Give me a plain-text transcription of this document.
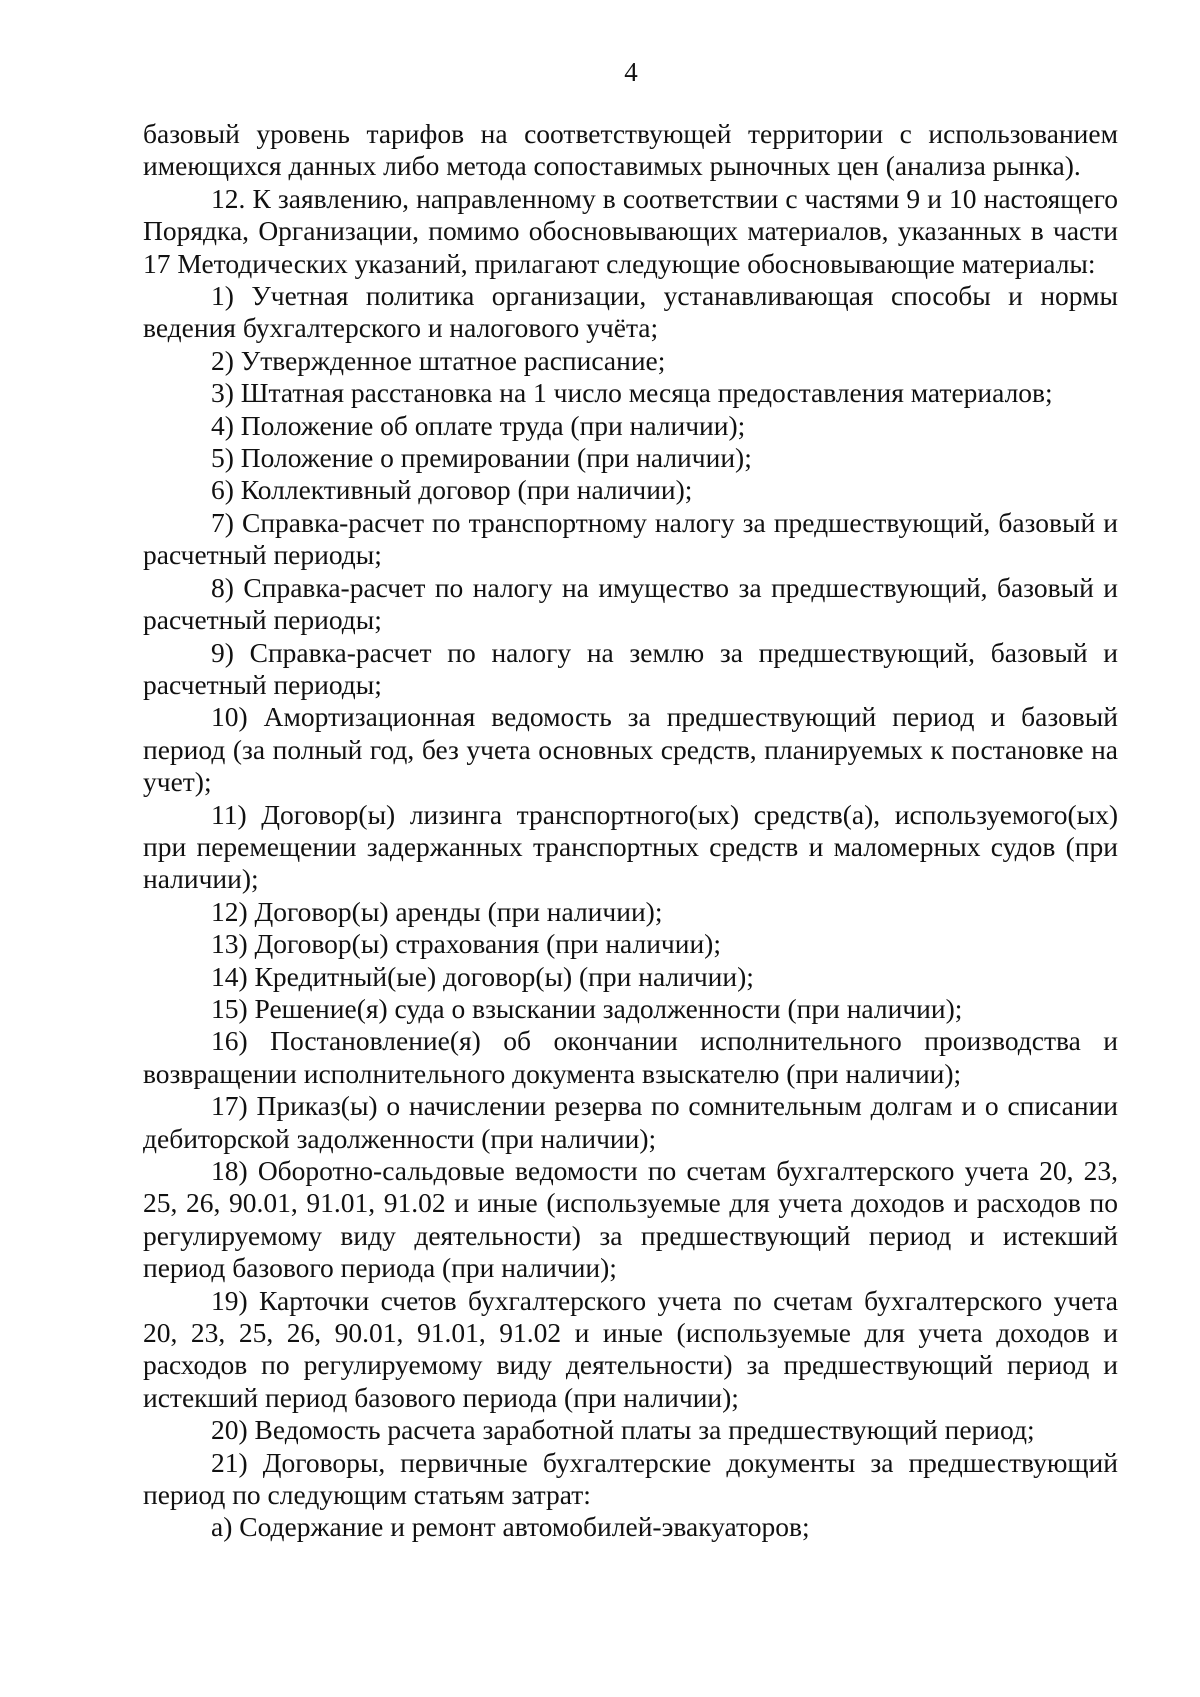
4

базовый уровень тарифов на соответствующей территории с использованием имеющихся данных либо метода сопоставимых рыночных цен (анализа рынка).

12. К заявлению, направленному в соответствии с частями 9 и 10 настоящего Порядка, Организации, помимо обосновывающих материалов, указанных в части 17 Методических указаний, прилагают следующие обосновывающие материалы:

1) Учетная политика организации, устанавливающая способы и нормы ведения бухгалтерского и налогового учёта;

2) Утвержденное штатное расписание;

3) Штатная расстановка на 1 число месяца предоставления материалов;

4) Положение об оплате труда (при наличии);

5) Положение о премировании (при наличии);

6) Коллективный договор (при наличии);

7) Справка-расчет по транспортному налогу за предшествующий, базовый и расчетный периоды;

8) Справка-расчет по налогу на имущество за предшествующий, базовый и расчетный периоды;

9) Справка-расчет по налогу на землю за предшествующий, базовый и расчетный периоды;

10) Амортизационная ведомость за предшествующий период и базовый период (за полный год, без учета основных средств, планируемых к постановке на учет);

11) Договор(ы) лизинга транспортного(ых) средств(а), используемого(ых) при перемещении задержанных транспортных средств и маломерных судов (при наличии);

12) Договор(ы) аренды (при наличии);

13) Договор(ы) страхования (при наличии);

14) Кредитный(ые) договор(ы) (при наличии);

15) Решение(я) суда о взыскании задолженности (при наличии);

16) Постановление(я) об окончании исполнительного производства и возвращении исполнительного документа взыскателю (при наличии);

17) Приказ(ы) о начислении резерва по сомнительным долгам и о списании дебиторской задолженности (при наличии);

18) Оборотно-сальдовые ведомости по счетам бухгалтерского учета 20, 23, 25, 26, 90.01, 91.01, 91.02 и иные (используемые для учета доходов и расходов по регулируемому виду деятельности) за предшествующий период и истекший период базового периода (при наличии);

19) Карточки счетов бухгалтерского учета по счетам бухгалтерского учета 20, 23, 25, 26, 90.01, 91.01, 91.02 и иные (используемые для учета доходов и расходов по регулируемому виду деятельности) за предшествующий период и истекший период базового периода (при наличии);

20) Ведомость расчета заработной платы за предшествующий период;

21) Договоры, первичные бухгалтерские документы за предшествующий период по следующим статьям затрат:

а) Содержание и ремонт автомобилей-эвакуаторов;
